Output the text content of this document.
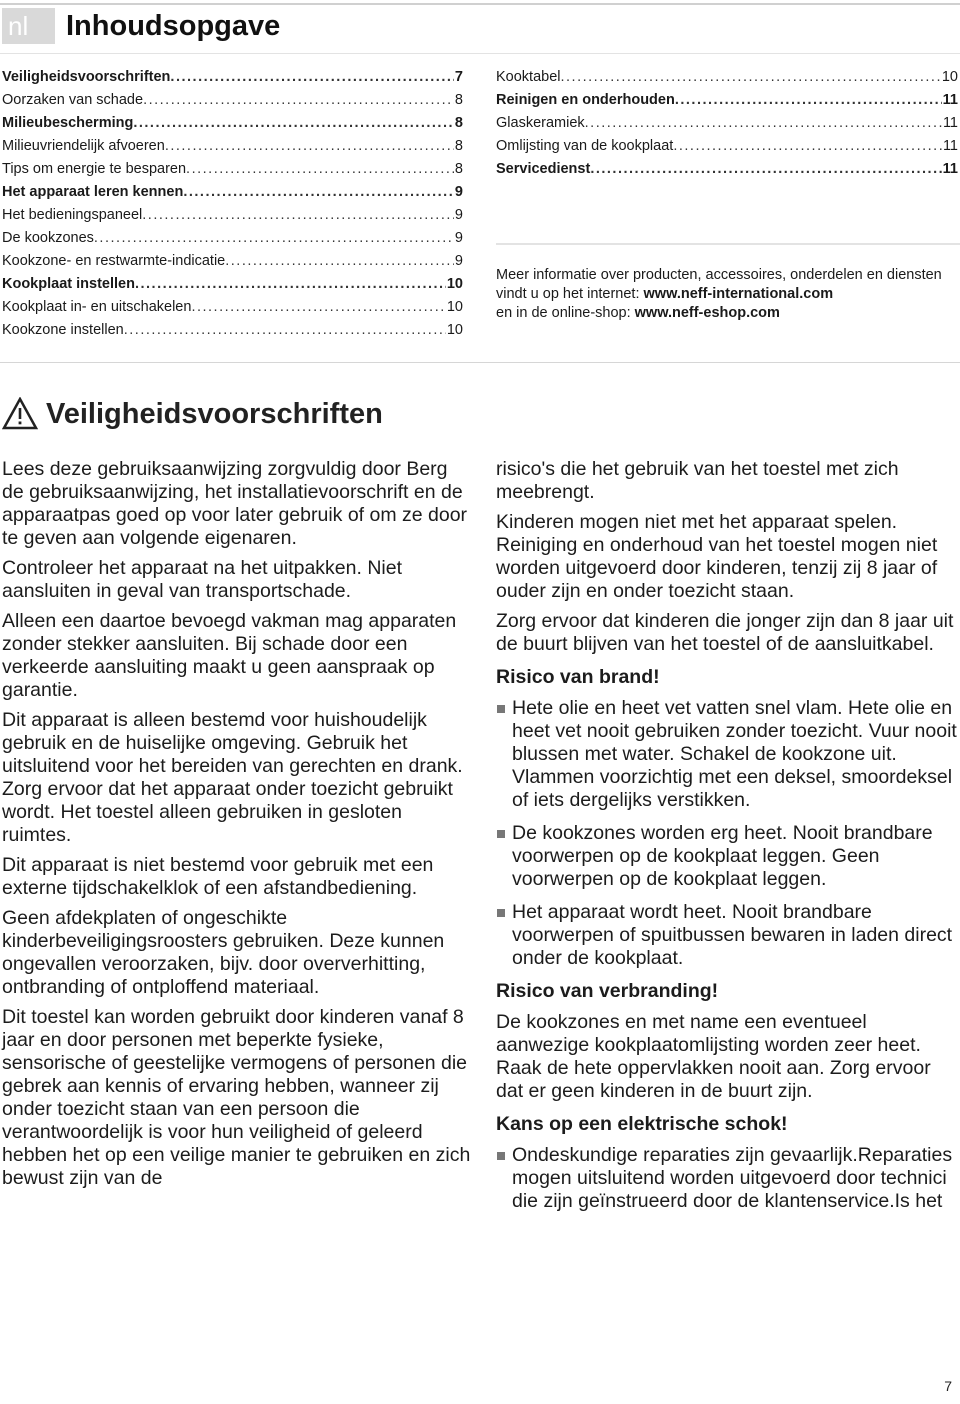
nl	Inhoudsopgave
Veiligheidsvoorschriften .....	7
Oorzaken van schade .....	8
Milieubescherming .....	8
Milieuvriendelijk afvoeren .....	8
Tips om energie te besparen .....	8
Het apparaat leren kennen .....	9
Het bedieningspaneel .....	9
De kookzones .....	9
Kookzone- en restwarmte-indicatie .....	9
Kookplaat instellen .....	10
Kookplaat in- en uitschakelen .....	10
Kookzone instellen .....	10
Kooktabel .....	10
Reinigen en onderhouden .....	11
Glaskeramiek .....	11
Omlijsting van de kookplaat .....	11
Servicedienst .....	11
Meer informatie over producten, accessoires, onderdelen en diensten vindt u op het internet: www.neff-international.com
en in de online-shop: www.neff-eshop.com
Veiligheidsvoorschriften

Lees deze gebruiksaanwijzing zorgvuldig door Berg de gebruiksaanwijzing, het installatievoorschrift en de apparaatpas goed op voor later gebruik of om ze door te geven aan volgende eigenaren.

Controleer het apparaat na het uitpakken. Niet aansluiten in geval van transportschade.

Alleen een daartoe bevoegd vakman mag apparaten zonder stekker aansluiten. Bij schade door een verkeerde aansluiting maakt u geen aanspraak op garantie.

Dit apparaat is alleen bestemd voor huishoudelijk gebruik en de huiselijke omgeving. Gebruik het uitsluitend voor het bereiden van gerechten en drank. Zorg ervoor dat het apparaat onder toezicht gebruikt wordt. Het toestel alleen gebruiken in gesloten ruimtes.

Dit apparaat is niet bestemd voor gebruik met een externe tijdschakelklok of een afstandbediening.

Geen afdekplaten of ongeschikte kinderbeveiligingsroosters gebruiken. Deze kunnen ongevallen veroorzaken, bijv. door oververhitting, ontbranding of ontploffend materiaal.

Dit toestel kan worden gebruikt door kinderen vanaf 8 jaar en door personen met beperkte fysieke, sensorische of geestelijke vermogens of personen die gebrek aan kennis of ervaring hebben, wanneer zij onder toezicht staan van een persoon die verantwoordelijk is voor hun veiligheid of geleerd hebben het op een veilige manier te gebruiken en zich bewust zijn van de

risico's die het gebruik van het toestel met zich meebrengt.

Kinderen mogen niet met het apparaat spelen. Reiniging en onderhoud van het toestel mogen niet worden uitgevoerd door kinderen, tenzij zij 8 jaar of ouder zijn en onder toezicht staan.

Zorg ervoor dat kinderen die jonger zijn dan 8 jaar uit de buurt blijven van het toestel of de aansluitkabel.

Risico van brand!
Hete olie en heet vet vatten snel vlam. Hete olie en heet vet nooit gebruiken zonder toezicht. Vuur nooit blussen met water. Schakel de kookzone uit. Vlammen voorzichtig met een deksel, smoordeksel of iets dergelijks verstikken.
De kookzones worden erg heet. Nooit brandbare voorwerpen op de kookplaat leggen. Geen voorwerpen op de kookplaat leggen.
Het apparaat wordt heet. Nooit brandbare voorwerpen of spuitbussen bewaren in laden direct onder de kookplaat.
Risico van verbranding!

De kookzones en met name een eventueel aanwezige kookplaatomlijsting worden zeer heet. Raak de hete oppervlakken nooit aan. Zorg ervoor dat er geen kinderen in de buurt zijn.

Kans op een elektrische schok!
Ondeskundige reparaties zijn gevaarlijk.Reparaties mogen uitsluitend worden uitgevoerd door technici die zijn geïnstrueerd door de klantenservice.Is het
7
